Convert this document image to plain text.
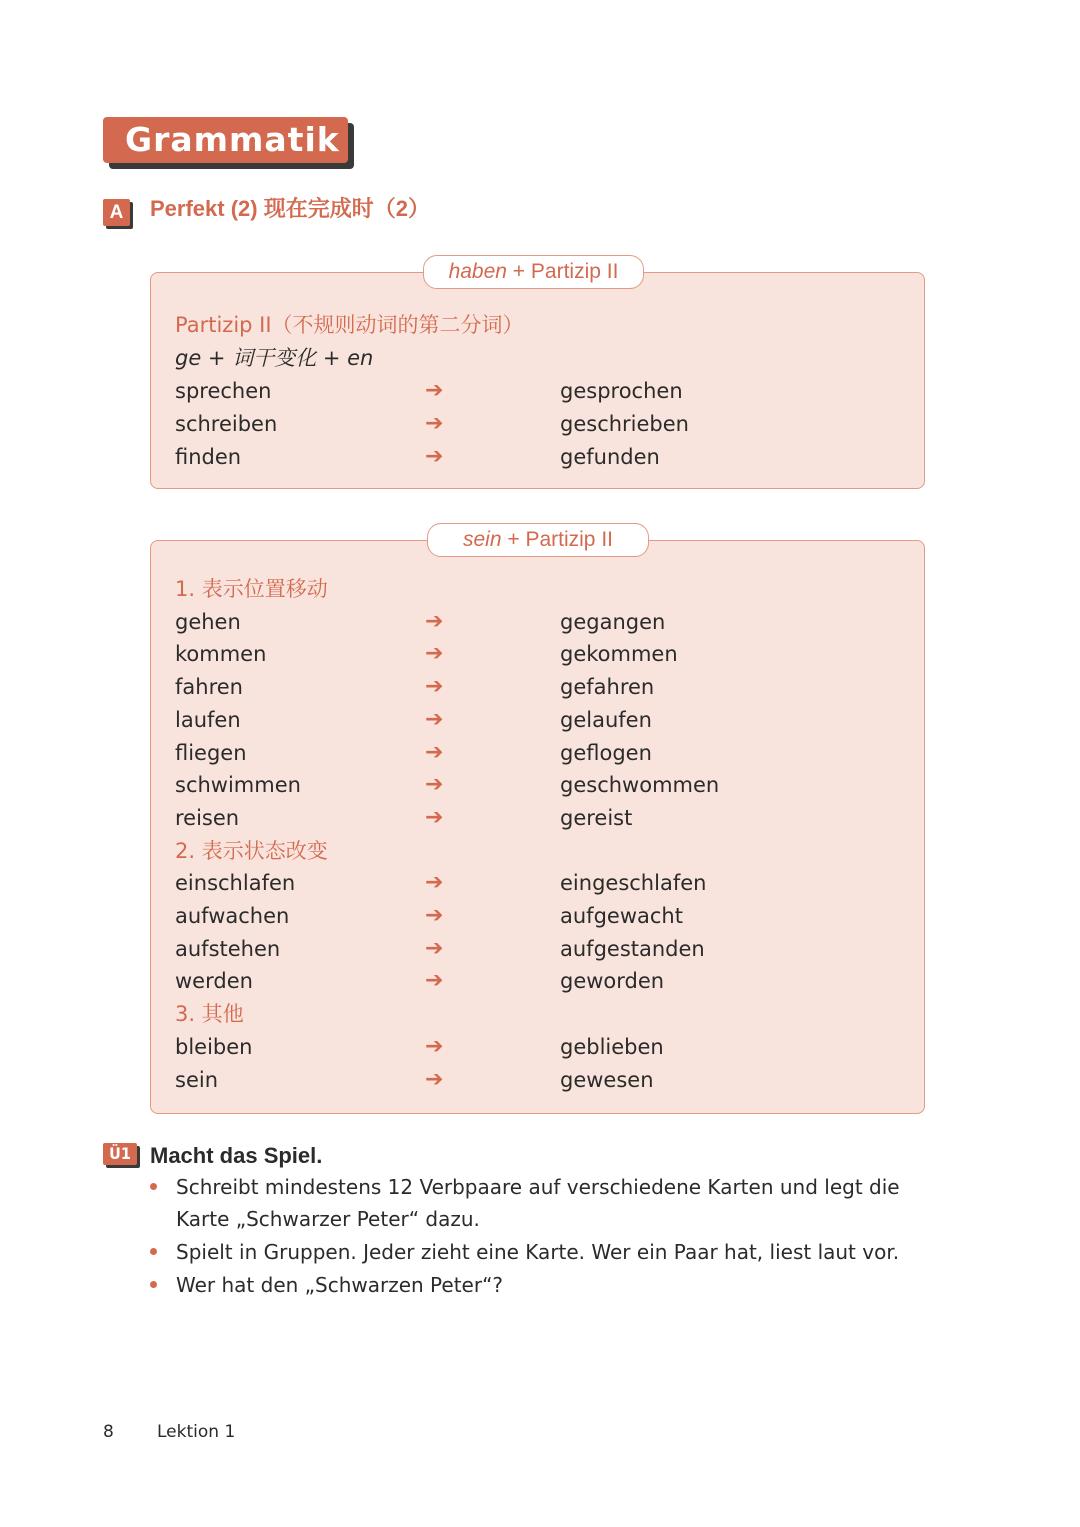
Grammatik
A	Perfekt (2) 现在完成时（2）
haben + Partizip II
Partizip II（不规则动词的第二分词）
ge + 词干变化 + en
sprechen	➔	gesprochen
schreiben	➔	geschrieben
finden	➔	gefunden
sein + Partizip II
1. 表示位置移动
gehen	➔	gegangen
kommen	➔	gekommen
fahren	➔	gefahren
laufen	➔	gelaufen
fliegen	➔	geflogen
schwimmen	➔	geschwommen
reisen	➔	gereist
2. 表示状态改变
einschlafen	➔	eingeschlafen
aufwachen	➔	aufgewacht
aufstehen	➔	aufgestanden
werden	➔	geworden
3. 其他
bleiben	➔	geblieben
sein	➔	gewesen
Ü1 Macht das Spiel.
Schreibt mindestens 12 Verbpaare auf verschiedene Karten und legt die Karte „Schwarzer Peter“ dazu.
Spielt in Gruppen. Jeder zieht eine Karte. Wer ein Paar hat, liest laut vor.
Wer hat den „Schwarzen Peter“?
8	Lektion 1
